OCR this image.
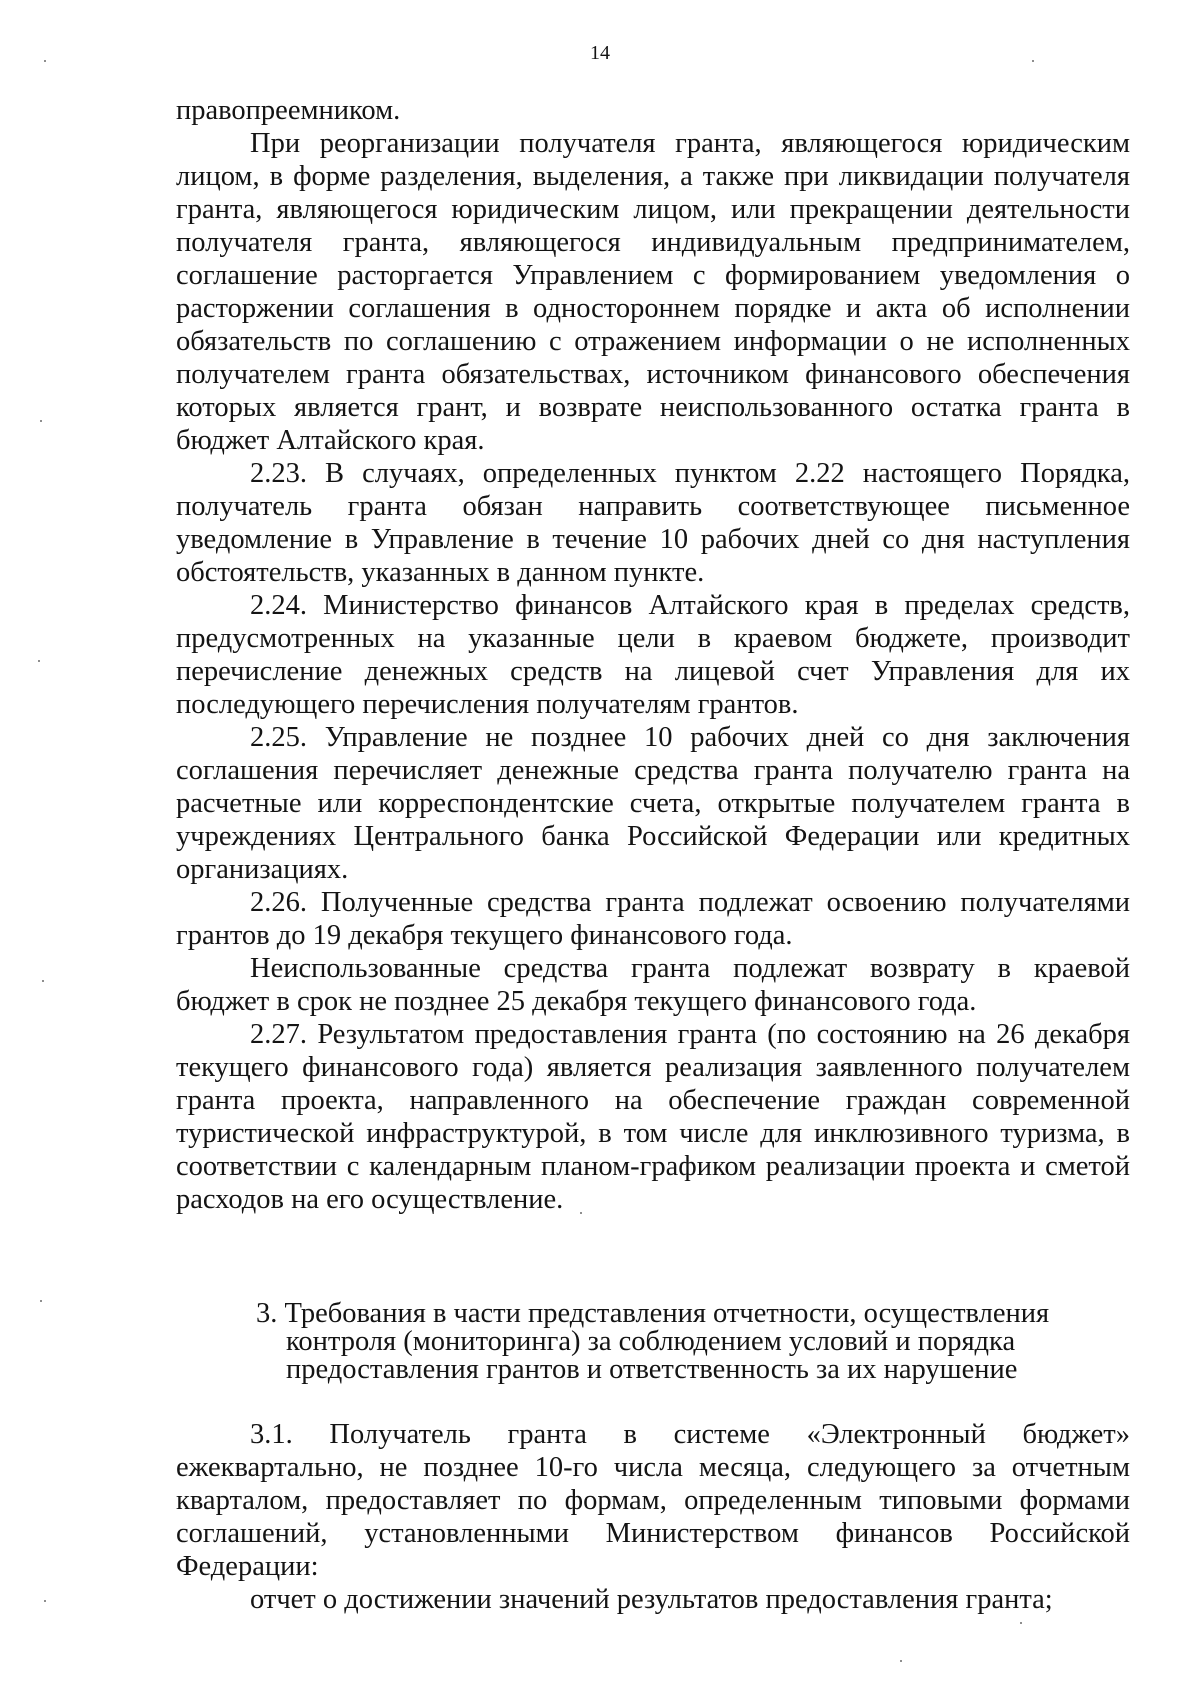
14

правопреемником.

При реорганизации получателя гранта, являющегося юридическим лицом, в форме разделения, выделения, а также при ликвидации получателя гранта, являющегося юридическим лицом, или прекращении деятельности получателя гранта, являющегося индивидуальным предпринимателем, соглашение расторгается Управлением с формированием уведомления о расторжении соглашения в одностороннем порядке и акта об исполнении обязательств по соглашению с отражением информации о не исполненных получателем гранта обязательствах, источником финансового обеспечения которых является грант, и возврате неиспользованного остатка гранта в бюджет Алтайского края.

2.23. В случаях, определенных пунктом 2.22 настоящего Порядка, получатель гранта обязан направить соответствующее письменное уведомление в Управление в течение 10 рабочих дней со дня наступления обстоятельств, указанных в данном пункте.

2.24. Министерство финансов Алтайского края в пределах средств, предусмотренных на указанные цели в краевом бюджете, производит перечисление денежных средств на лицевой счет Управления для их последующего перечисления получателям грантов.

2.25. Управление не позднее 10 рабочих дней со дня заключения соглашения перечисляет денежные средства гранта получателю гранта на расчетные или корреспондентские счета, открытые получателем гранта в учреждениях Центрального банка Российской Федерации или кредитных организациях.

2.26. Полученные средства гранта подлежат освоению получателями грантов до 19 декабря текущего финансового года.

Неиспользованные средства гранта подлежат возврату в краевой бюджет в срок не позднее 25 декабря текущего финансового года.

2.27. Результатом предоставления гранта (по состоянию на 26 декабря текущего финансового года) является реализация заявленного получателем гранта проекта, направленного на обеспечение граждан современной туристической инфраструктурой, в том числе для инклюзивного туризма, в соответствии с календарным планом-графиком реализации проекта и сметой расходов на его осуществление.

3. Требования в части представления отчетности, осуществления

контроля (мониторинга) за соблюдением условий и порядка

предоставления грантов и ответственность за их нарушение

3.1. Получатель гранта в системе «Электронный бюджет» ежеквартально, не позднее 10-го числа месяца, следующего за отчетным кварталом, предоставляет по формам, определенным типовыми формами соглашений, установленными Министерством финансов Российской Федерации:

отчет о достижении значений результатов предоставления гранта;
